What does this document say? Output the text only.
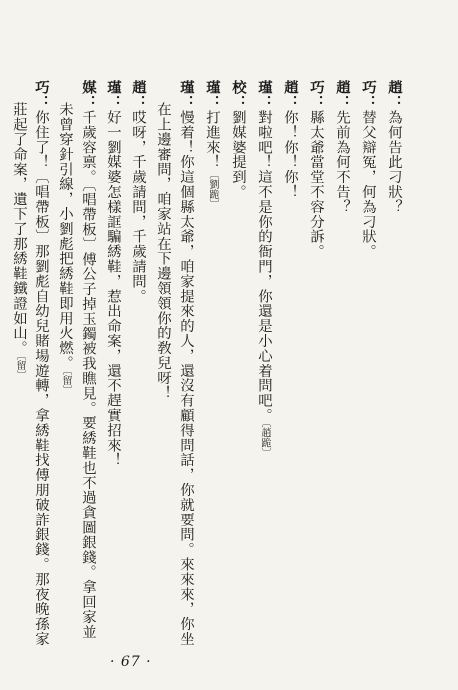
趙：為何告此刁狀？
巧：替父辯冤，何為刁狀。
趙：先前為何不告？
巧：縣太爺當堂不容分訴。
趙：你！你！你！
瑾：對啦吧！這不是你的衙門，你還是小心着問吧。〔趙跪〕
校：劉媒婆提到。
瑾：打進來！〔劉跪〕
瑾：慢着！你這個縣太爺，咱家提來的人，還沒有顧得問話，你就要問。來來來，你坐
在上邊審問，咱家站在下邊領領你的敎兒呀！
趙：哎呀，千歲請問，千歲請問。
瑾：好一劉媒婆怎樣誆騙綉鞋，惹出命案，還不趕實招來！
媒：千歲容禀。〔唱帶板〕傅公子掉玉鐲被我瞧見。要綉鞋也不過貪圖銀錢。拿回家並
未曾穿針引線，小劉彪把綉鞋即用火燃。〔留〕
巧：你住了！〔唱帶板〕那劉彪自幼兒賭場遊轉，拿綉鞋找傅朋破詐銀錢。那夜晚孫家
莊起了命案，遺下了那綉鞋鐵證如山。〔留〕
· 67 ·
